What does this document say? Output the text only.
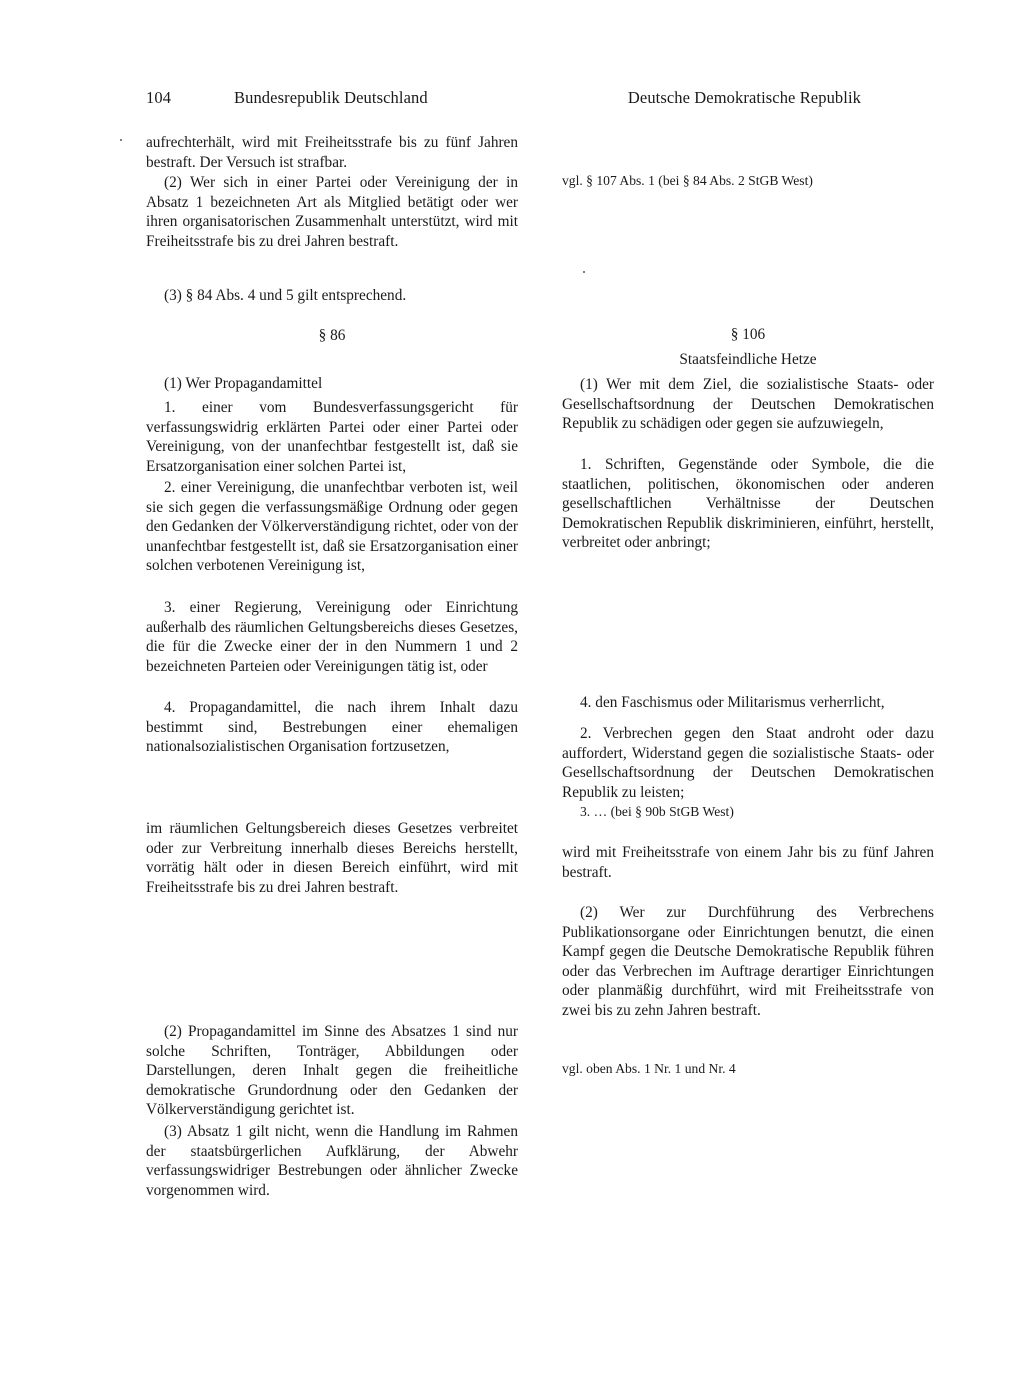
104	Bundesrepublik Deutschland	Deutsche Demokratische Republik

aufrechterhält, wird mit Freiheitsstrafe bis zu fünf Jahren bestraft. Der Versuch ist strafbar.

(2) Wer sich in einer Partei oder Vereinigung der in Absatz 1 bezeichneten Art als Mitglied betätigt oder wer ihren organisatorischen Zusammenhalt unterstützt, wird mit Freiheitsstrafe bis zu drei Jahren bestraft.

(3) § 84 Abs. 4 und 5 gilt entsprechend.

§ 86

(1) Wer Propagandamittel

1. einer vom Bundesverfassungsgericht für verfassungswidrig erklärten Partei oder einer Partei oder Vereinigung, von der unanfechtbar festgestellt ist, daß sie Ersatzorganisation einer solchen Partei ist,

2. einer Vereinigung, die unanfechtbar verboten ist, weil sie sich gegen die verfassungsmäßige Ordnung oder gegen den Gedanken der Völkerverständigung richtet, oder von der unanfechtbar festgestellt ist, daß sie Ersatzorganisation einer solchen verbotenen Vereinigung ist,

3. einer Regierung, Vereinigung oder Einrichtung außerhalb des räumlichen Geltungsbereichs dieses Gesetzes, die für die Zwecke einer der in den Nummern 1 und 2 bezeichneten Parteien oder Vereinigungen tätig ist, oder

4. Propagandamittel, die nach ihrem Inhalt dazu bestimmt sind, Bestrebungen einer ehemaligen nationalsozialistischen Organisation fortzusetzen,

im räumlichen Geltungsbereich dieses Gesetzes verbreitet oder zur Verbreitung innerhalb dieses Bereichs herstellt, vorrätig hält oder in diesen Bereich einführt, wird mit Freiheitsstrafe bis zu drei Jahren bestraft.

(2) Propagandamittel im Sinne des Absatzes 1 sind nur solche Schriften, Tonträger, Abbildungen oder Darstellungen, deren Inhalt gegen die freiheitliche demokratische Grundordnung oder den Gedanken der Völkerverständigung gerichtet ist.

(3) Absatz 1 gilt nicht, wenn die Handlung im Rahmen der staatsbürgerlichen Aufklärung, der Abwehr verfassungswidriger Bestrebungen oder ähnlicher Zwecke vorgenommen wird.

vgl. § 107 Abs. 1 (bei § 84 Abs. 2 StGB West)
§ 106
Staatsfeindliche Hetze

(1) Wer mit dem Ziel, die sozialistische Staats- oder Gesellschaftsordnung der Deutschen Demokratischen Republik zu schädigen oder gegen sie aufzuwiegeln,

1. Schriften, Gegenstände oder Symbole, die die staatlichen, politischen, ökonomischen oder anderen gesellschaftlichen Verhältnisse der Deutschen Demokratischen Republik diskriminieren, einführt, herstellt, verbreitet oder anbringt;

4. den Faschismus oder Militarismus verherrlicht,

2. Verbrechen gegen den Staat androht oder dazu auffordert, Widerstand gegen die sozialistische Staats- oder Gesellschaftsordnung der Deutschen Demokratischen Republik zu leisten;

3. … (bei § 90b StGB West)

wird mit Freiheitsstrafe von einem Jahr bis zu fünf Jahren bestraft.

(2) Wer zur Durchführung des Verbrechens Publikationsorgane oder Einrichtungen benutzt, die einen Kampf gegen die Deutsche Demokratische Republik führen oder das Verbrechen im Auftrage derartiger Einrichtungen oder planmäßig durchführt, wird mit Freiheitsstrafe von zwei bis zu zehn Jahren bestraft.

vgl. oben Abs. 1 Nr. 1 und Nr. 4
